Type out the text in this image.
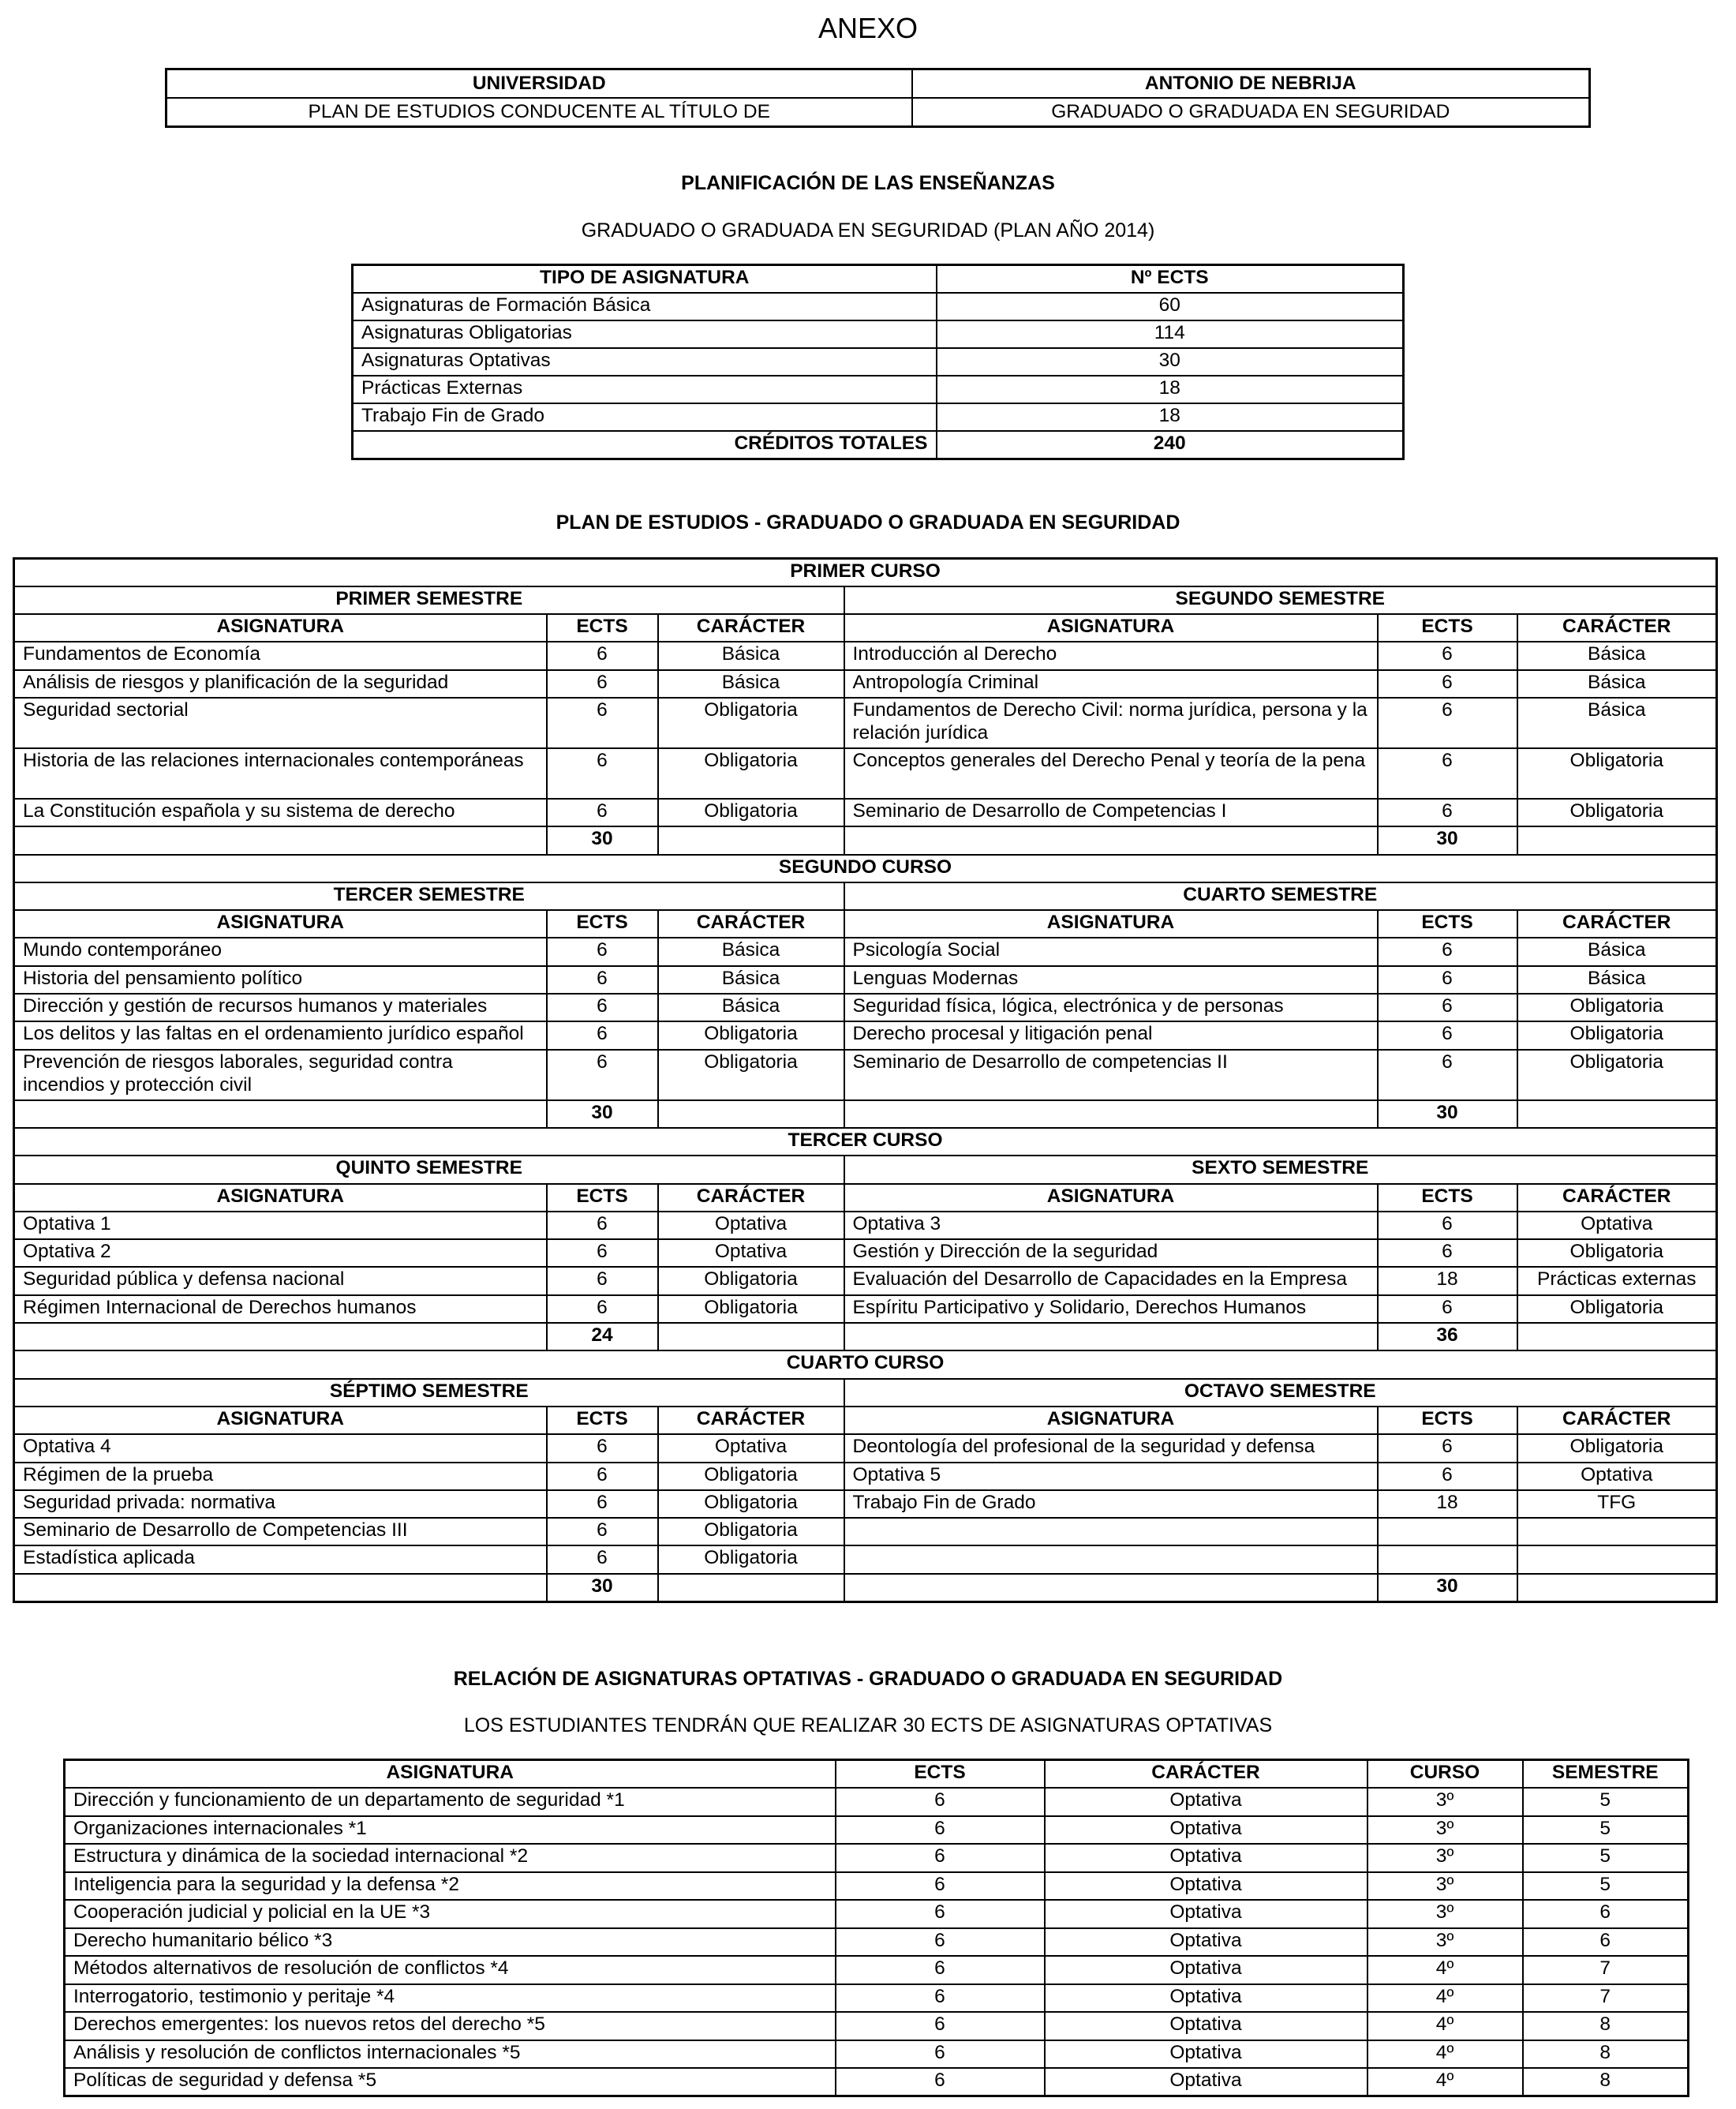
ANEXO
UNIVERSIDAD	ANTONIO DE NEBRIJA
PLAN DE ESTUDIOS CONDUCENTE AL TÍTULO DE	GRADUADO O GRADUADA EN SEGURIDAD
PLANIFICACIÓN DE LAS ENSEÑANZAS
GRADUADO O GRADUADA EN SEGURIDAD (PLAN AÑO 2014)
TIPO DE ASIGNATURA	Nº ECTS
Asignaturas de Formación Básica	60
Asignaturas Obligatorias	114
Asignaturas Optativas	30
Prácticas Externas	18
Trabajo Fin de Grado	18
CRÉDITOS TOTALES	240
PLAN DE ESTUDIOS - GRADUADO O GRADUADA EN SEGURIDAD
PRIMER CURSO					
PRIMER SEMESTRE			SEGUNDO SEMESTRE		
ASIGNATURA	ECTS	CARÁCTER	ASIGNATURA	ECTS	CARÁCTER
Fundamentos de Economía	6	Básica	Introducción al Derecho	6	Básica
Análisis de riesgos y planificación de la seguridad	6	Básica	Antropología Criminal	6	Básica
Seguridad sectorial	6	Obligatoria	Fundamentos de Derecho Civil: norma jurídica, persona y la relación jurídica	6	Básica
Historia de las relaciones internacionales contemporáneas	6	Obligatoria	Conceptos generales del Derecho Penal y teoría de la pena	6	Obligatoria
La Constitución española y su sistema de derecho	6	Obligatoria	Seminario de Desarrollo de Competencias I	6	Obligatoria
	30			30	
SEGUNDO CURSO					
TERCER SEMESTRE			CUARTO SEMESTRE		
ASIGNATURA	ECTS	CARÁCTER	ASIGNATURA	ECTS	CARÁCTER
Mundo contemporáneo	6	Básica	Psicología Social	6	Básica
Historia del pensamiento político	6	Básica	Lenguas Modernas	6	Básica
Dirección y gestión de recursos humanos y materiales	6	Básica	Seguridad física, lógica, electrónica y de personas	6	Obligatoria
Los delitos y las faltas en el ordenamiento jurídico español	6	Obligatoria	Derecho procesal y litigación penal	6	Obligatoria
Prevención de riesgos laborales, seguridad contra incendios y protección civil	6	Obligatoria	Seminario de Desarrollo de competencias II	6	Obligatoria
	30			30	
TERCER CURSO					
QUINTO SEMESTRE			SEXTO SEMESTRE		
ASIGNATURA	ECTS	CARÁCTER	ASIGNATURA	ECTS	CARÁCTER
Optativa 1	6	Optativa	Optativa 3	6	Optativa
Optativa 2	6	Optativa	Gestión y Dirección de la seguridad	6	Obligatoria
Seguridad pública y defensa nacional	6	Obligatoria	Evaluación del Desarrollo de Capacidades en la Empresa	18	Prácticas externas
Régimen Internacional de Derechos humanos	6	Obligatoria	Espíritu Participativo y Solidario, Derechos Humanos	6	Obligatoria
	24			36	
CUARTO CURSO					
SÉPTIMO SEMESTRE			OCTAVO SEMESTRE		
ASIGNATURA	ECTS	CARÁCTER	ASIGNATURA	ECTS	CARÁCTER
Optativa 4	6	Optativa	Deontología del profesional de la seguridad y defensa	6	Obligatoria
Régimen de la prueba	6	Obligatoria	Optativa 5	6	Optativa
Seguridad privada: normativa	6	Obligatoria	Trabajo Fin de Grado	18	TFG
Seminario de Desarrollo de Competencias III	6	Obligatoria			
Estadística aplicada	6	Obligatoria			
	30			30	
RELACIÓN DE ASIGNATURAS OPTATIVAS - GRADUADO O GRADUADA EN SEGURIDAD
LOS ESTUDIANTES TENDRÁN QUE REALIZAR 30 ECTS DE ASIGNATURAS OPTATIVAS
ASIGNATURA	ECTS	CARÁCTER	CURSO	SEMESTRE
Dirección y funcionamiento de un departamento de seguridad *1	6	Optativa	3º	5
Organizaciones internacionales *1	6	Optativa	3º	5
Estructura y dinámica de la sociedad internacional *2	6	Optativa	3º	5
Inteligencia para la seguridad y la defensa *2	6	Optativa	3º	5
Cooperación judicial y policial en la UE *3	6	Optativa	3º	6
Derecho humanitario bélico *3	6	Optativa	3º	6
Métodos alternativos de resolución de conflictos *4	6	Optativa	4º	7
Interrogatorio, testimonio y peritaje *4	6	Optativa	4º	7
Derechos emergentes: los nuevos retos del derecho *5	6	Optativa	4º	8
Análisis y resolución de conflictos internacionales *5	6	Optativa	4º	8
Políticas de seguridad y defensa *5	6	Optativa	4º	8
